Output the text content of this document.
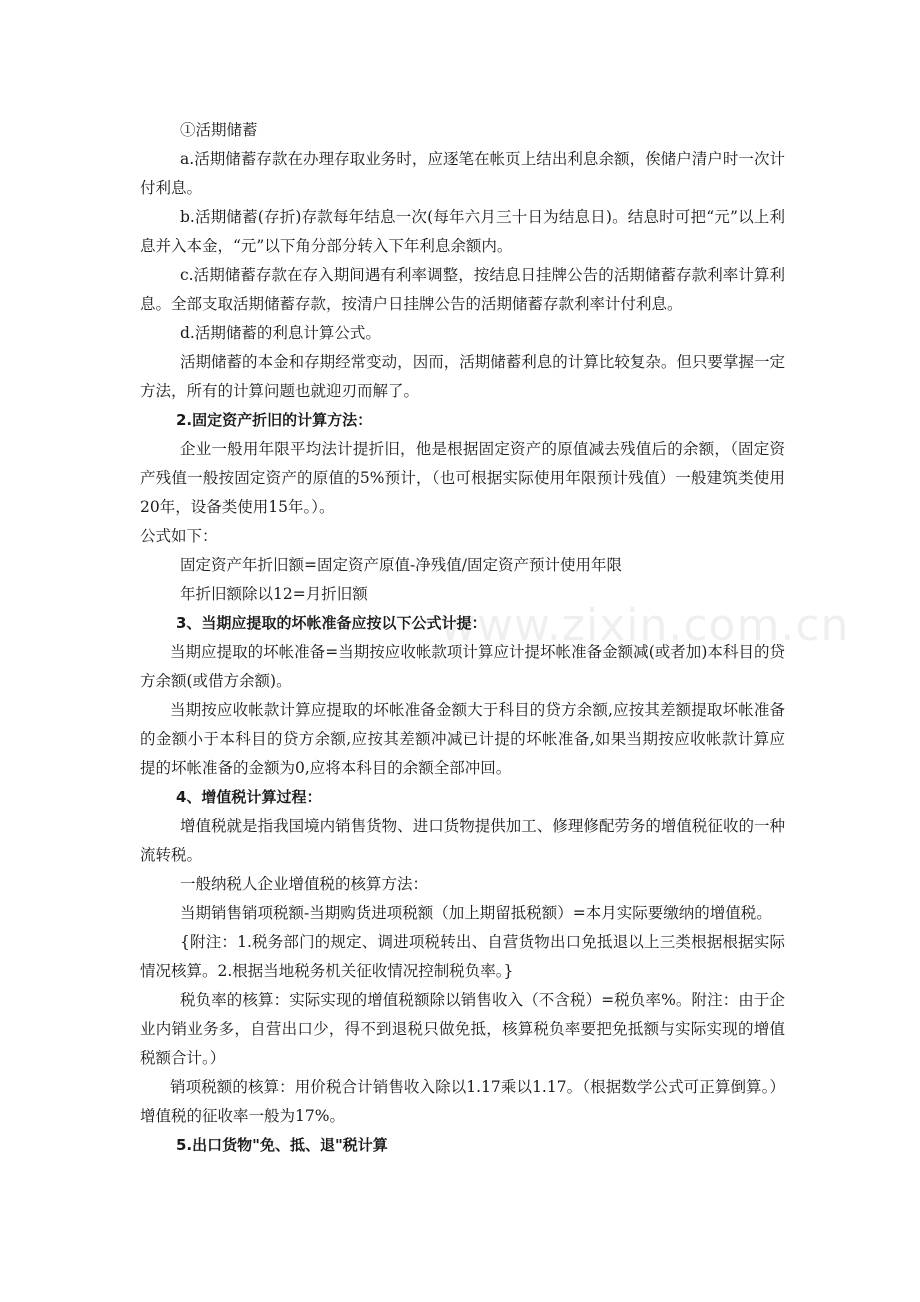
www.zixin.com.cn

①活期储蓄

a.活期储蓄存款在办理存取业务时，应逐笔在帐页上结出利息余额，俟储户清户时一次计付利息。

b.活期储蓄(存折)存款每年结息一次(每年六月三十日为结息日)。结息时可把“元”以上利息并入本金，“元”以下角分部分转入下年利息余额内。

c.活期储蓄存款在存入期间遇有利率调整，按结息日挂牌公告的活期储蓄存款利率计算利息。全部支取活期储蓄存款，按清户日挂牌公告的活期储蓄存款利率计付利息。

d.活期储蓄的利息计算公式。

活期储蓄的本金和存期经常变动，因而，活期储蓄利息的计算比较复杂。但只要掌握一定方法，所有的计算问题也就迎刃而解了。

2.固定资产折旧的计算方法：

企业一般用年限平均法计提折旧，他是根据固定资产的原值减去残值后的余额，（固定资产残值一般按固定资产的原值的5%预计，（也可根据实际使用年限预计残值）一般建筑类使用20年，设备类使用15年。）。

公式如下：

固定资产年折旧额=固定资产原值-净残值/固定资产预计使用年限

年折旧额除以12=月折旧额

3、当期应提取的坏帐准备应按以下公式计提：

当期应提取的坏帐准备=当期按应收帐款项计算应计提坏帐准备金额减(或者加)本科目的贷方余额(或借方余额)。

当期按应收帐款计算应提取的坏帐准备金额大于科目的贷方余额,应按其差额提取坏帐准备的金额小于本科目的贷方余额,应按其差额冲减已计提的坏帐准备,如果当期按应收帐款计算应提的坏帐准备的金额为0,应将本科目的余额全部冲回。

4、增值税计算过程：

增值税就是指我国境内销售货物、进口货物提供加工、修理修配劳务的增值税征收的一种流转税。

一般纳税人企业增值税的核算方法：

当期销售销项税额-当期购货进项税额（加上期留抵税额）=本月实际要缴纳的增值税。

{附注：1.税务部门的规定、调进项税转出、自营货物出口免抵退以上三类根据根据实际情况核算。2.根据当地税务机关征收情况控制税负率。}

税负率的核算：实际实现的增值税额除以销售收入（不含税）=税负率%。附注：由于企业内销业务多，自营出口少，得不到退税只做免抵，核算税负率要把免抵额与实际实现的增值税额合计。）

销项税额的核算：用价税合计销售收入除以1.17乘以1.17。（根据数学公式可正算倒算。）增值税的征收率一般为17%。

5.出口货物"免、抵、退"税计算
